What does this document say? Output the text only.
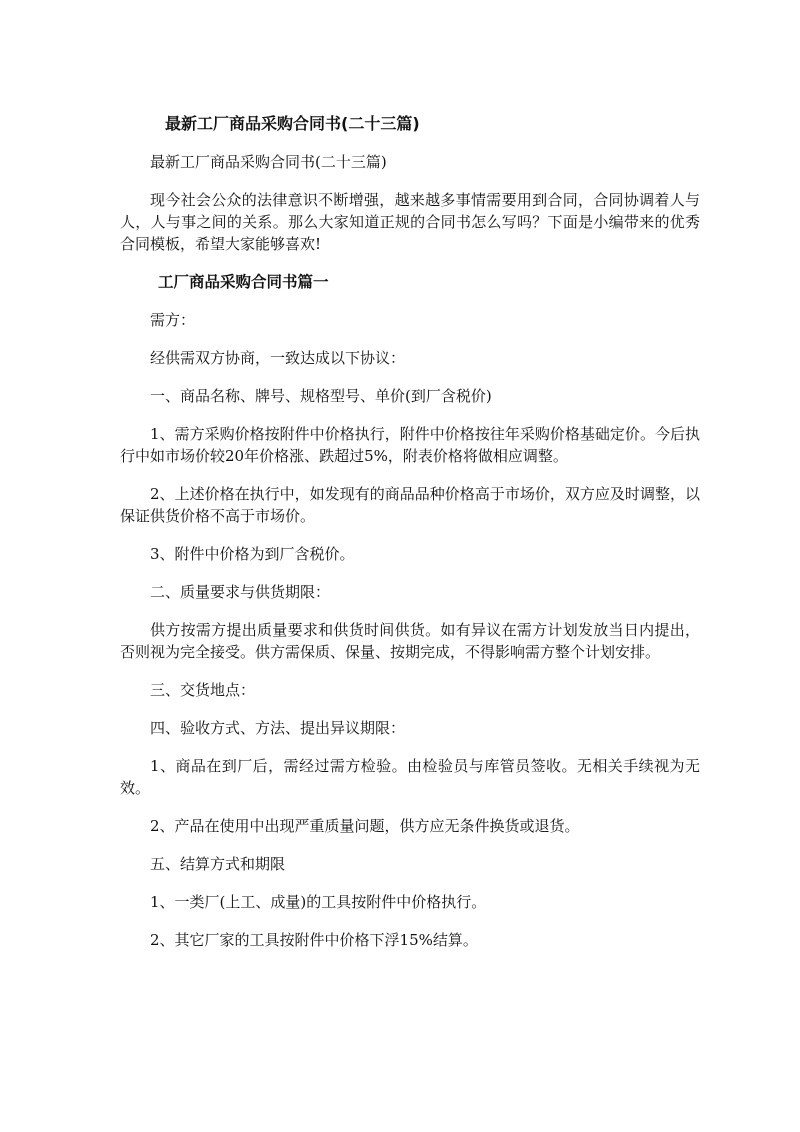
最新工厂商品采购合同书(二十三篇)

最新工厂商品采购合同书(二十三篇)

现今社会公众的法律意识不断增强，越来越多事情需要用到合同，合同协调着人与人，人与事之间的关系。那么大家知道正规的合同书怎么写吗？下面是小编带来的优秀合同模板，希望大家能够喜欢!

工厂商品采购合同书篇一

需方：

经供需双方协商，一致达成以下协议：

一、商品名称、牌号、规格型号、单价(到厂含税价)

1、需方采购价格按附件中价格执行，附件中价格按往年采购价格基础定价。今后执行中如市场价较20年价格涨、跌超过5%，附表价格将做相应调整。

2、上述价格在执行中，如发现有的商品品种价格高于市场价，双方应及时调整，以保证供货价格不高于市场价。

3、附件中价格为到厂含税价。

二、质量要求与供货期限：

供方按需方提出质量要求和供货时间供货。如有异议在需方计划发放当日内提出，否则视为完全接受。供方需保质、保量、按期完成，不得影响需方整个计划安排。

三、交货地点：

四、验收方式、方法、提出异议期限：

1、商品在到厂后，需经过需方检验。由检验员与库管员签收。无相关手续视为无效。

2、产品在使用中出现严重质量问题，供方应无条件换货或退货。

五、结算方式和期限

1、一类厂(上工、成量)的工具按附件中价格执行。

2、其它厂家的工具按附件中价格下浮15%结算。
